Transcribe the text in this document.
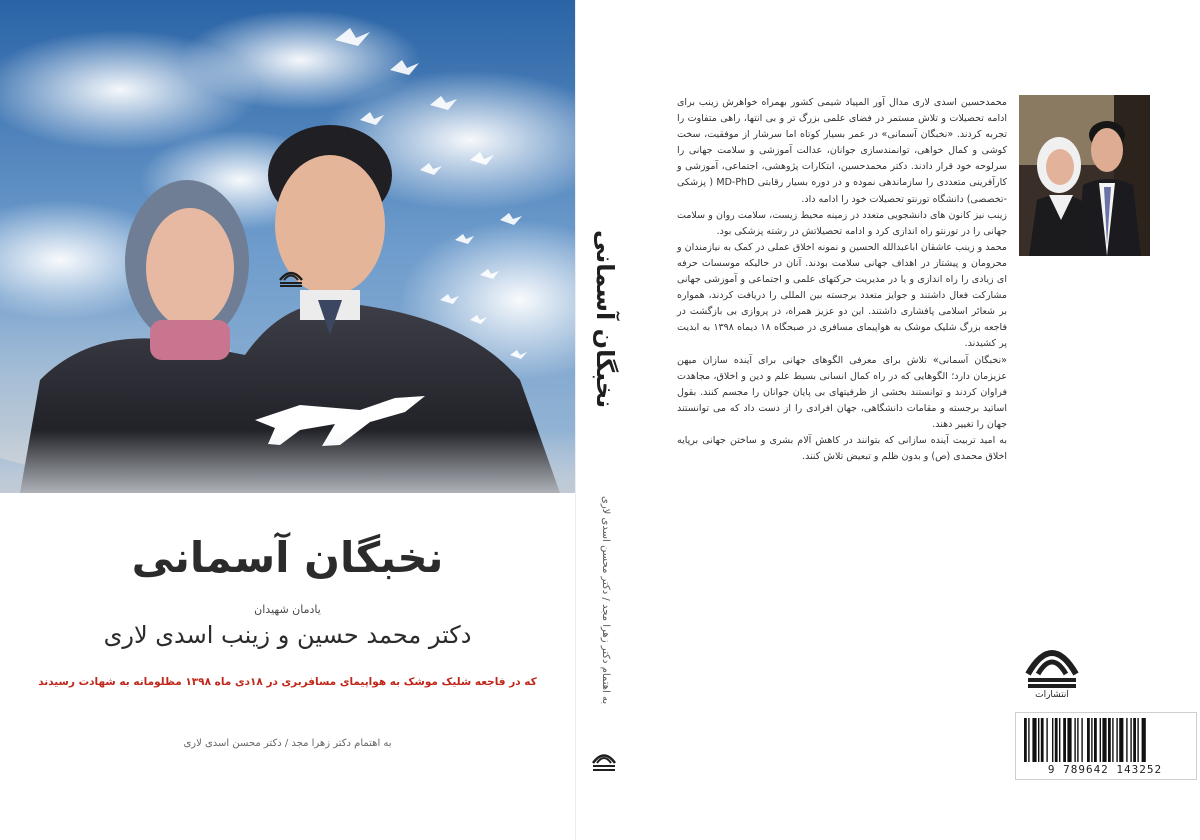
نخبگان آسمانی
یادمان شهیدان
دکتر محمد حسین و زینب اسدی لاری
که در فاجعه شلیک موشک به هواپیمای مسافربری در ۱۸دی ماه ۱۳۹۸ مظلومانه به شهادت رسیدند
به اهتمام دکتر زهرا مجد / دکتر محسن اسدی لاری
نخبگان آسمانی
به اهتمام دکتر زهرا مجد / دکتر محسن اسدی لاری

محمدحسین اسدی لاری مدال آور المپیاد شیمی کشور بهمراه خواهرش زینب برای ادامه تحصیلات و تلاش مستمر در فضای علمی بزرگ تر و بی انتها، راهی متفاوت را تجربه کردند. «نخبگان آسمانی» در عمر بسیار کوتاه اما سرشار از موفقیت، سخت کوشی و کمال خواهی، توانمندسازی جوانان، عدالت آموزشی و سلامت جهانی را سرلوحه خود قرار دادند. دکتر محمدحسین، ابتکارات پژوهشی، اجتماعی، آموزشی و کارآفرینی متعددی را سازماندهی نموده و در دوره بسیار رقابتی MD-PhD ( پزشکی -تخصصی) دانشگاه تورنتو تحصیلات خود را ادامه داد.

زینب نیز کانون های دانشجویی متعدد در زمینه محیط زیست، سلامت روان و سلامت جهانی را در تورنتو راه اندازی کرد و ادامه تحصیلاتش در رشته پزشکی بود.

محمد و زینب عاشقان اباعبدالله الحسین و نمونه اخلاق عملی در کمک به نیازمندان و محرومان و پیشتاز در اهداف جهانی سلامت بودند. آنان در حالیکه موسسات حرفه ای زیادی را راه اندازی و یا در مدیریت حرکتهای علمی و اجتماعی و آموزشی جهانی مشارکت فعال داشتند و جوایز متعدد برجسته بین المللی را دریافت کردند، همواره بر شعائر اسلامی پافشاری داشتند. این دو عزیز همراه، در پروازی بی بازگشت در فاجعه بزرگ شلیک موشک به هواپیمای مسافری در صبحگاه ۱۸ دیماه ۱۳۹۸ به ابدیت پر کشیدند.

«نخبگان آسمانی» تلاش برای معرفی الگوهای جهانی برای آینده سازان میهن عزیزمان دارد؛ الگوهایی که در راه کمال انسانی بسیط علم و دین و اخلاق، مجاهدت فراوان کردند و توانستند بخشی از ظرفیتهای بی پایان جوانان را مجسم کنند. بقول اساتید برجسته و مقامات دانشگاهی، جهان افرادی را از دست داد که می توانستند جهان را تغییر دهند.

به امید تربیت آینده سازانی که بتوانند در کاهش آلام بشری و ساختن جهانی برپایه اخلاق محمدی (ص) و بدون ظلم و تبعیض تلاش کنند.

انتشارات
9 789642 143252
